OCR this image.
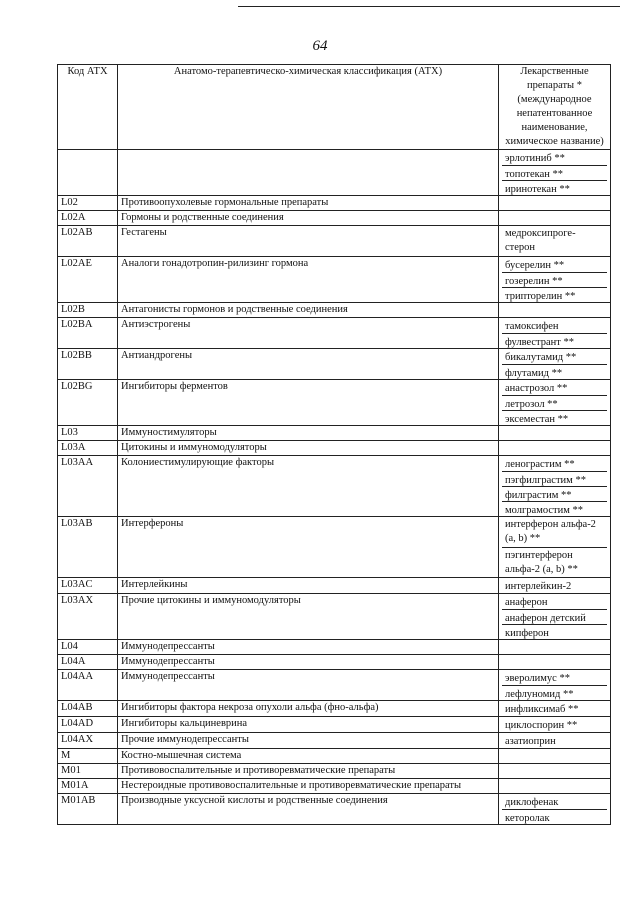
64
Код АТХ	Анатомо-терапевтическо-химическая классификация (АТХ)	Лекарственные препараты * (международное непатентованное наименование, химическое название)

		эрлотиниб **
топотекан **
иринотекан **

L02	Противоопухолевые гормональные препараты	
L02A	Гормоны и родственные соединения	
L02AB	Гестагены	медроксипроге-стерон

L02AE	Аналоги гонадотропин-рилизинг гормона	бусерелин **
гозерелин **
трипторелин **

L02B	Антагонисты гормонов и родственные соединения	
L02BA	Антиэстрогены	тамоксифен
фулвестрант **

L02BB	Антиандрогены	бикалутамид **
флутамид **

L02BG	Ингибиторы ферментов	анастрозол **
летрозол **
эксеместан **

L03	Иммуностимуляторы	
L03A	Цитокины и иммуномодуляторы	
L03AA	Колониестимулирующие факторы	ленограстим **
пэгфилграстим **
филграстим **
молграмостим **

L03AB	Интерфероны	интерферон альфа-2 (a, b) **
пэгинтерферон альфа-2 (a, b) **

L03AC	Интерлейкины	интерлейкин-2

L03AX	Прочие цитокины и иммуномодуляторы	анаферон
анаферон детский
кипферон

L04	Иммунодепрессанты	
L04A	Иммунодепрессанты	
L04AA	Иммунодепрессанты	эверолимус **
лефлуномид **

L04AB	Ингибиторы фактора некроза опухоли альфа (фно-альфа)	инфликсимаб **

L04AD	Ингибиторы кальциневрина	циклоспорин **

L04AX	Прочие иммунодепрессанты	азатиоприн

M	Костно-мышечная система	
M01	Противовоспалительные и противоревматические препараты	
M01A	Нестероидные противовоспалительные и противоревматические препараты	
M01AB	Производные уксусной кислоты и родственные соединения	диклофенак
кеторолак
